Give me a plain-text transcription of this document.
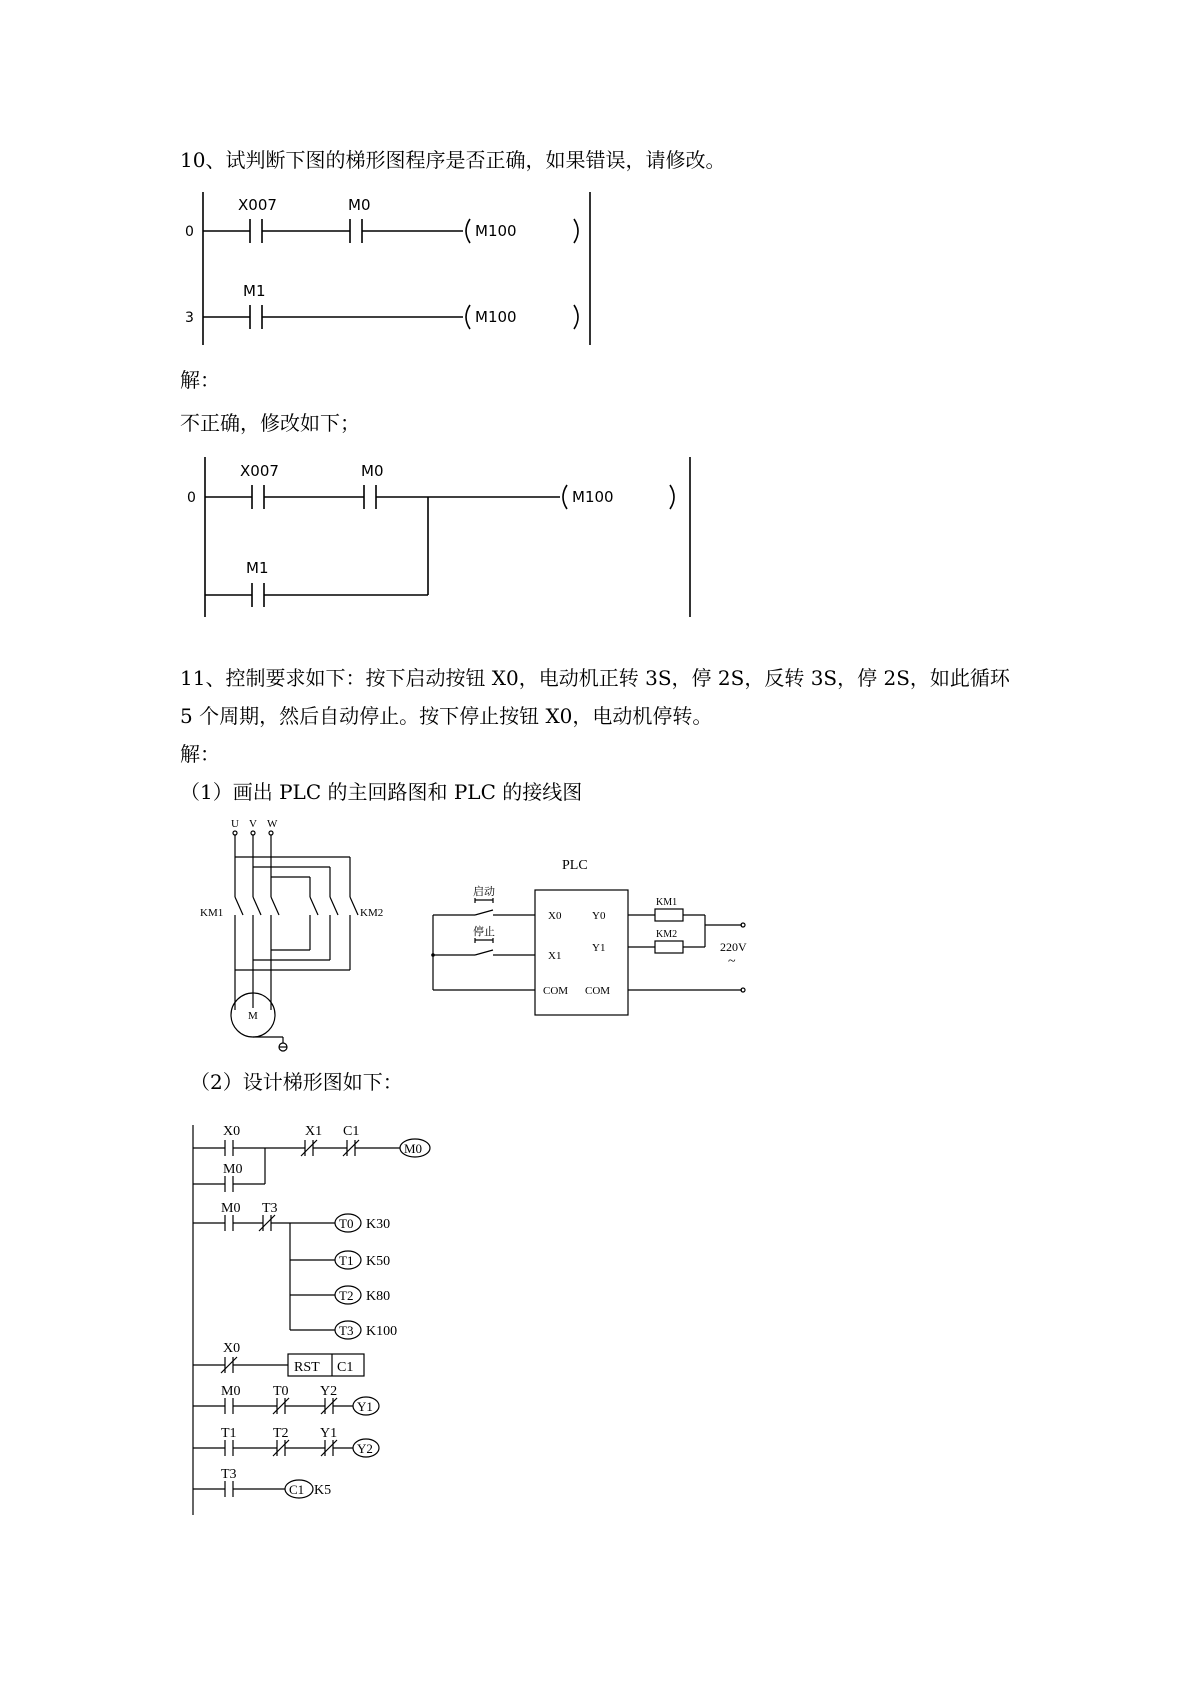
10、试判断下图的梯形图程序是否正确，如果错误，请修改。
0
X007	M0
M100
3
M1
M100
解：
不正确，修改如下；
0
X007	M0
M100
M1
11、控制要求如下：按下启动按钮 X0，电动机正转 3S，停 2S，反转 3S，停 2S，如此循环
5 个周期，然后自动停止。按下停止按钮 X0，电动机停转。
解：
（1）画出 PLC 的主回路图和 PLC 的接线图
U V W
KM1	KM2
M
PLC
启动
X0
停止
X1
COM
Y0
Y1
COM
KM1
KM2
220V
~
（2）设计梯形图如下：
X0	X1 C1
M0
M0
M0 T3
T0 K30
T1 K50
T2 K80
T3 K100
X0
RST C1
M0 T0 Y2
Y1
T1	T2 Y1
Y2
T3
C1 K5
